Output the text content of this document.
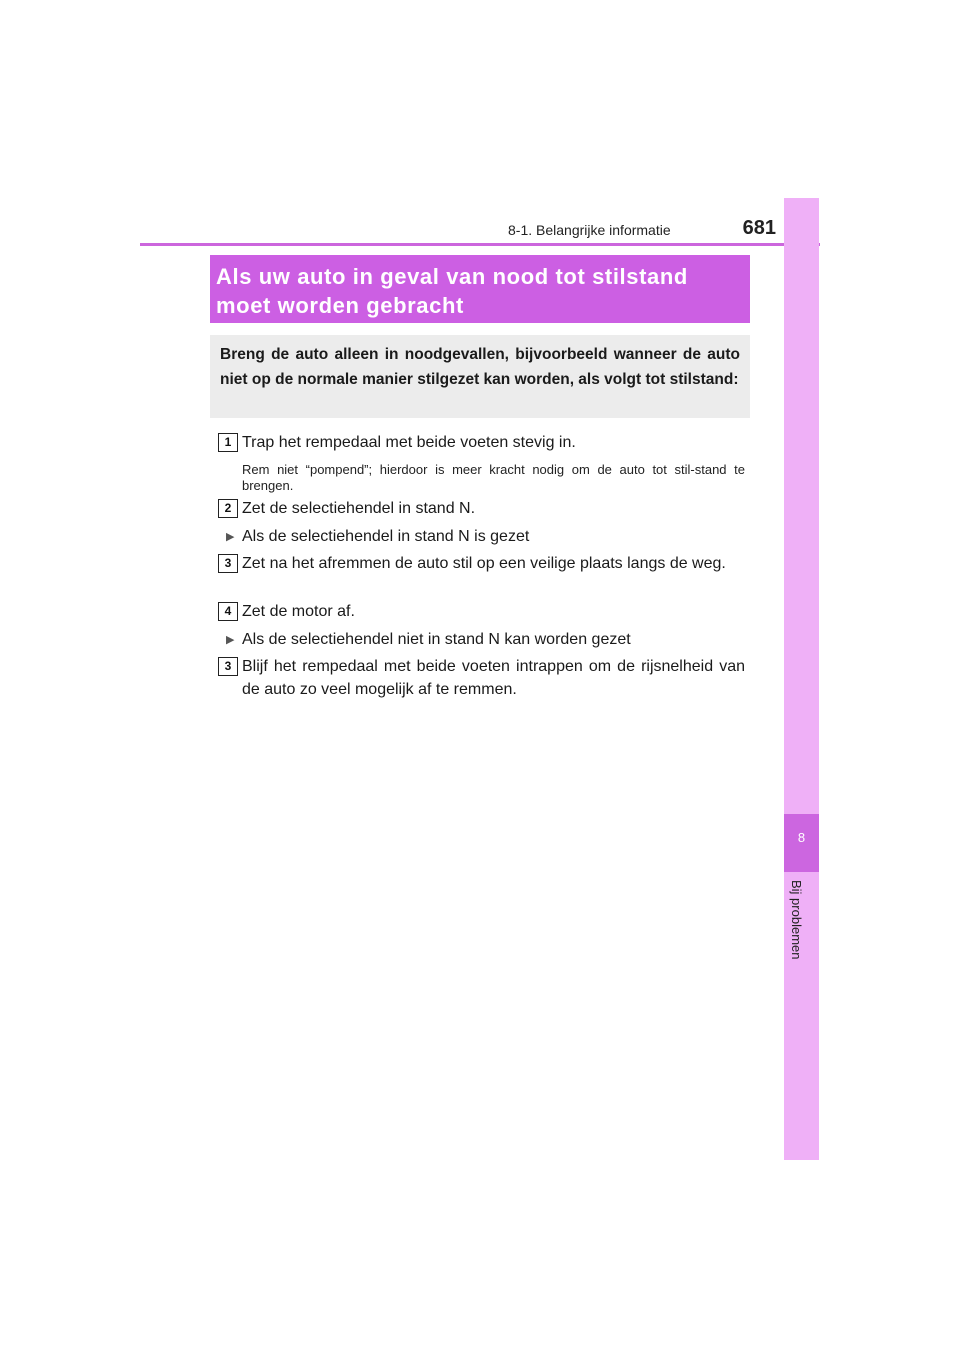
8-1. Belangrijke informatie	681
8
Bij problemen
Als uw auto in geval van nood tot stilstand moet worden gebracht
Breng de auto alleen in noodgevallen, bijvoorbeeld wanneer de auto niet op de normale manier stilgezet kan worden, als volgt tot stilstand:
1 Trap het rempedaal met beide voeten stevig in.
Rem niet “pompend”; hierdoor is meer kracht nodig om de auto tot stil-stand te brengen.
2 Zet de selectiehendel in stand N.
▶ Als de selectiehendel in stand N is gezet
3 Zet na het afremmen de auto stil op een veilige plaats langs de weg.
4 Zet de motor af.
▶ Als de selectiehendel niet in stand N kan worden gezet
3 Blijf het rempedaal met beide voeten intrappen om de rijsnelheid van de auto zo veel mogelijk af te remmen.
